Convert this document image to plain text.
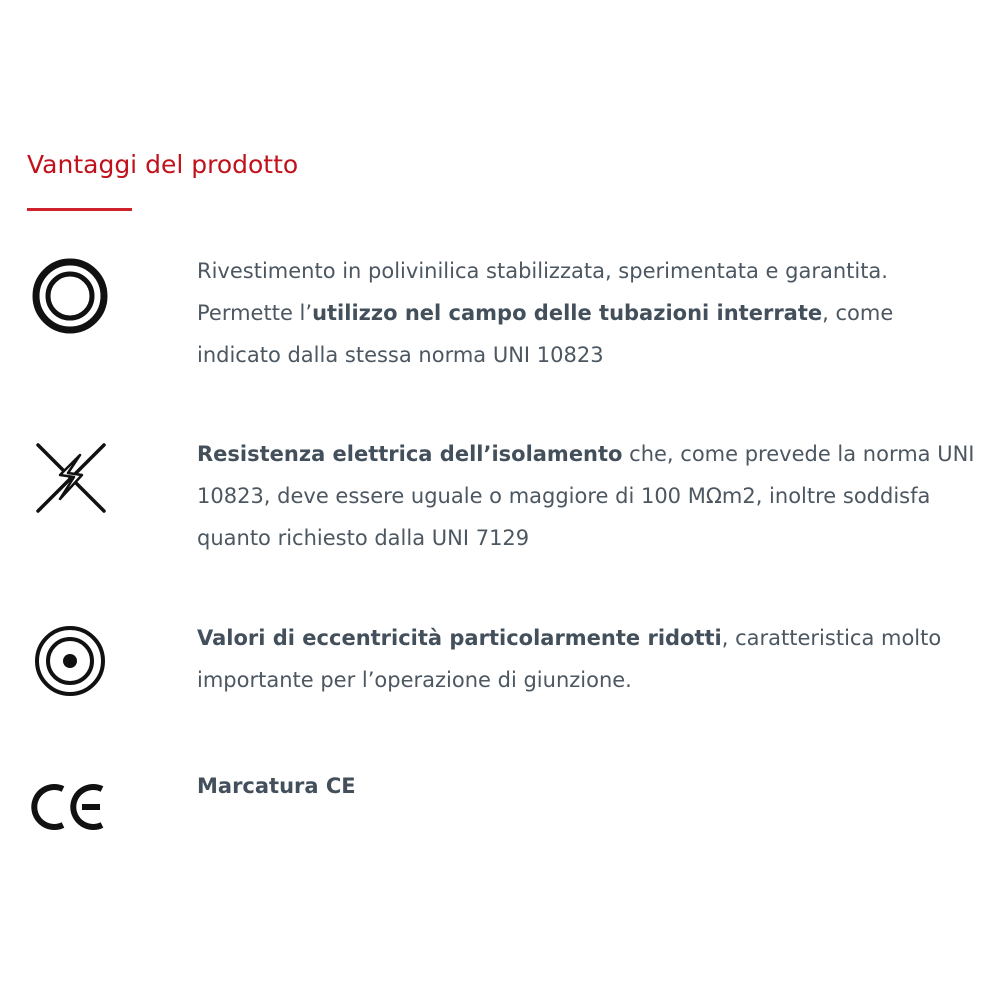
Vantaggi del prodotto

Rivestimento in polivinilica stabilizzata, sperimentata e garantita. Permette l’utilizzo nel campo delle tubazioni interrate, come indicato dalla stessa norma UNI 10823

Resistenza elettrica dell’isolamento che, come prevede la norma UNI 10823, deve essere uguale o maggiore di 100 MΩm2, inoltre soddisfa quanto richiesto dalla UNI 7129

Valori di eccentricità particolarmente ridotti, caratteristica molto importante per l’operazione di giunzione.

Marcatura CE
